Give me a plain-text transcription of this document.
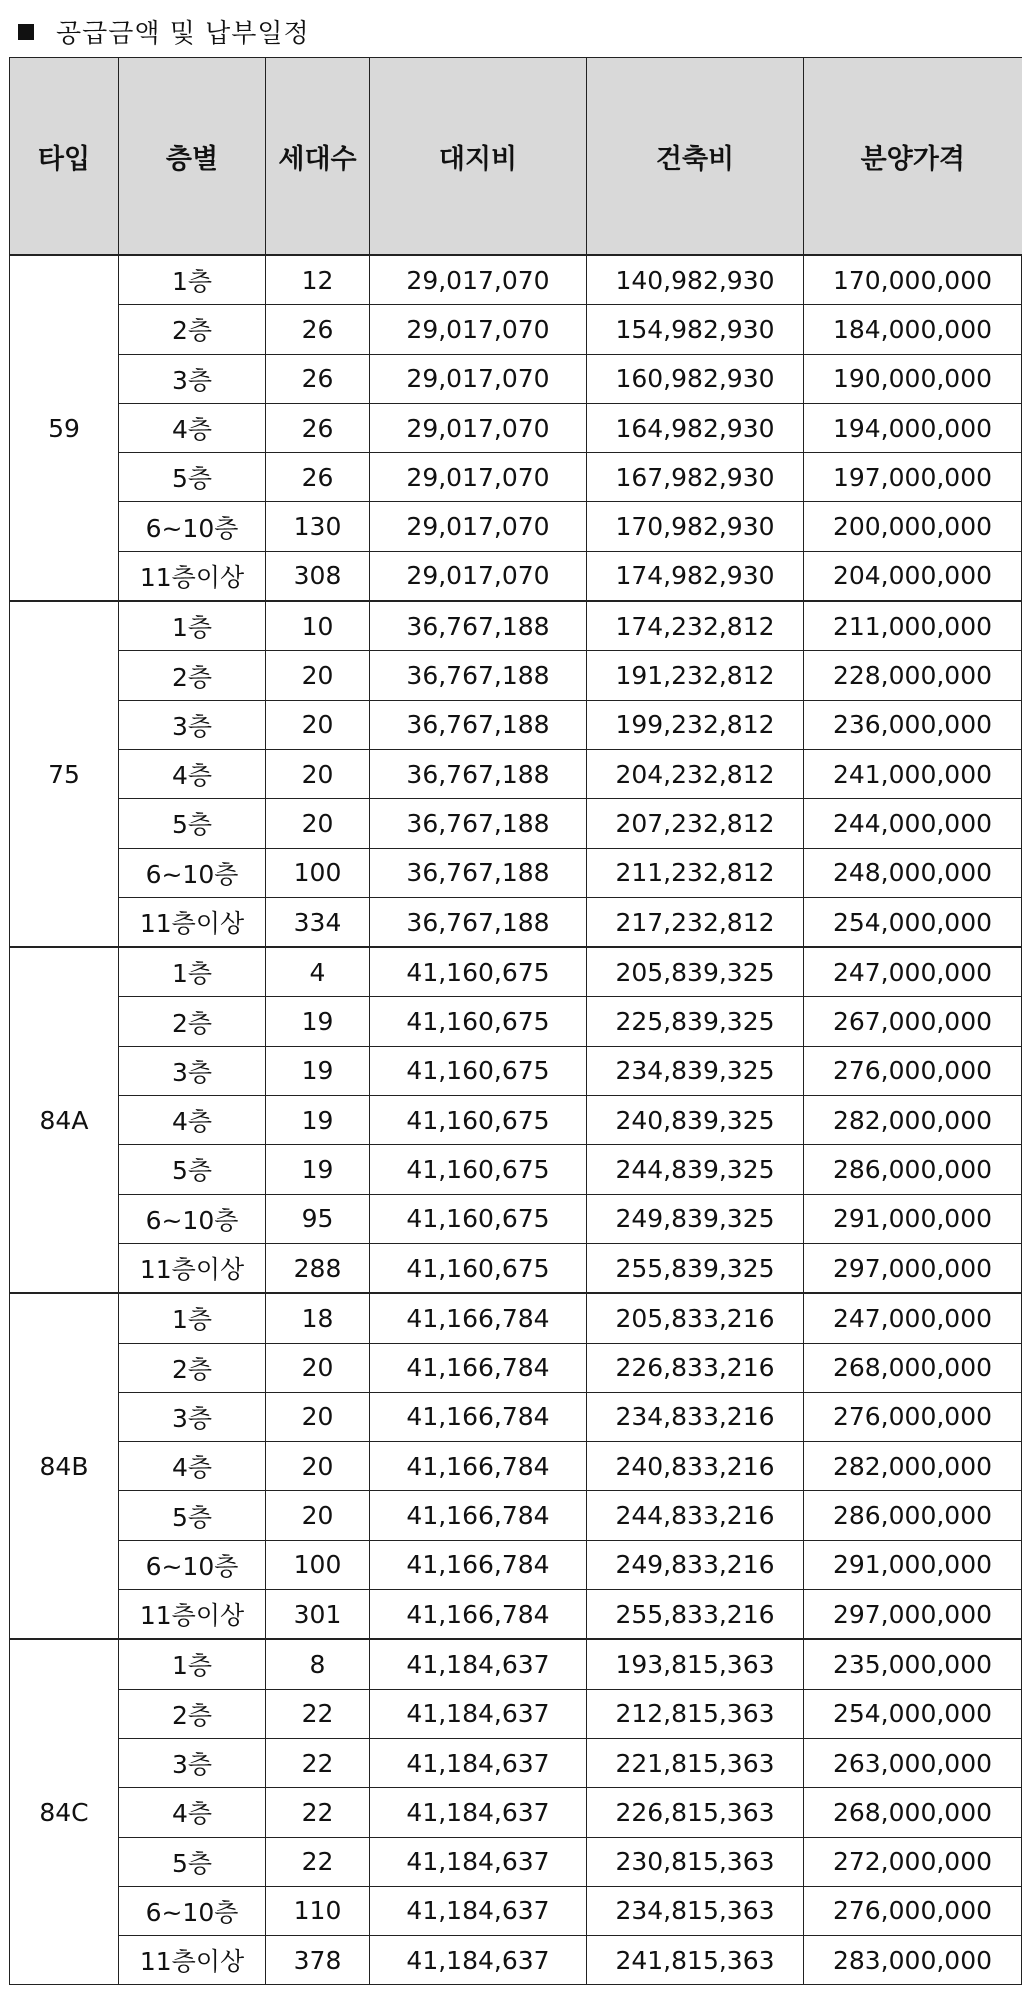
공급금액 및 납부일정
타입	층별	세대수	대지비	건축비	분양가격
59	1층	12	29,017,070	140,982,930	170,000,000
	2층	26	29,017,070	154,982,930	184,000,000
	3층	26	29,017,070	160,982,930	190,000,000
	4층	26	29,017,070	164,982,930	194,000,000
	5층	26	29,017,070	167,982,930	197,000,000
	6~10층	130	29,017,070	170,982,930	200,000,000
	11층이상	308	29,017,070	174,982,930	204,000,000
75	1층	10	36,767,188	174,232,812	211,000,000
	2층	20	36,767,188	191,232,812	228,000,000
	3층	20	36,767,188	199,232,812	236,000,000
	4층	20	36,767,188	204,232,812	241,000,000
	5층	20	36,767,188	207,232,812	244,000,000
	6~10층	100	36,767,188	211,232,812	248,000,000
	11층이상	334	36,767,188	217,232,812	254,000,000
84A	1층	4	41,160,675	205,839,325	247,000,000
	2층	19	41,160,675	225,839,325	267,000,000
	3층	19	41,160,675	234,839,325	276,000,000
	4층	19	41,160,675	240,839,325	282,000,000
	5층	19	41,160,675	244,839,325	286,000,000
	6~10층	95	41,160,675	249,839,325	291,000,000
	11층이상	288	41,160,675	255,839,325	297,000,000
84B	1층	18	41,166,784	205,833,216	247,000,000
	2층	20	41,166,784	226,833,216	268,000,000
	3층	20	41,166,784	234,833,216	276,000,000
	4층	20	41,166,784	240,833,216	282,000,000
	5층	20	41,166,784	244,833,216	286,000,000
	6~10층	100	41,166,784	249,833,216	291,000,000
	11층이상	301	41,166,784	255,833,216	297,000,000
84C	1층	8	41,184,637	193,815,363	235,000,000
	2층	22	41,184,637	212,815,363	254,000,000
	3층	22	41,184,637	221,815,363	263,000,000
	4층	22	41,184,637	226,815,363	268,000,000
	5층	22	41,184,637	230,815,363	272,000,000
	6~10층	110	41,184,637	234,815,363	276,000,000
	11층이상	378	41,184,637	241,815,363	283,000,000
